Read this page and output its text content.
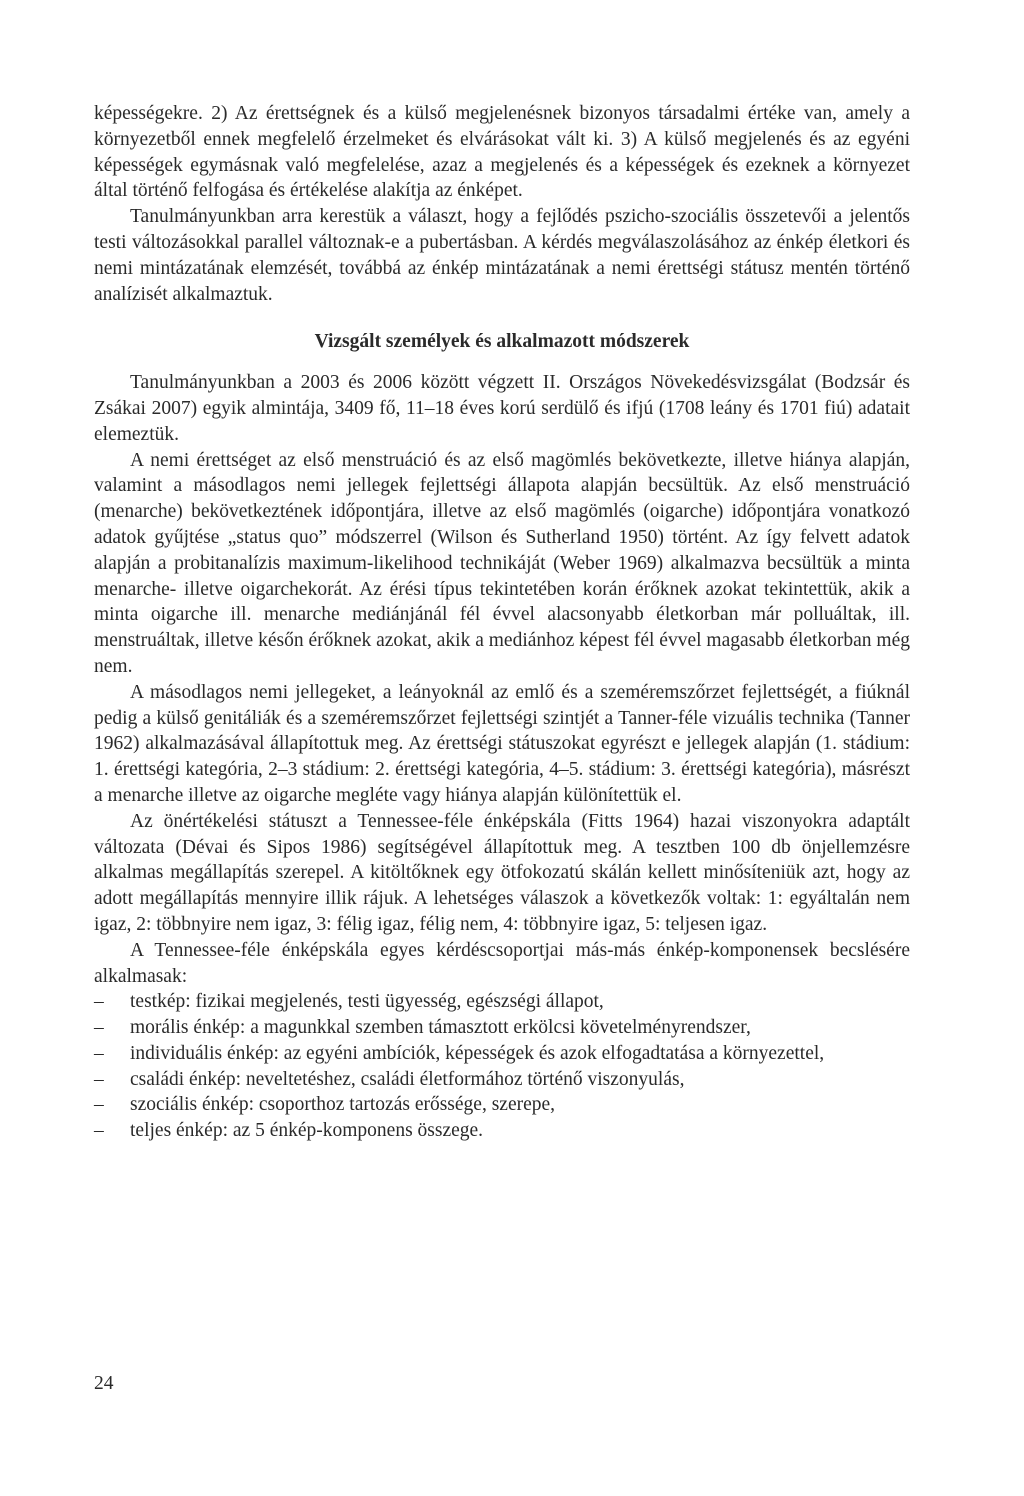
képességekre. 2) Az érettségnek és a külső megjelenésnek bizonyos társadalmi értéke van, amely a környezetből ennek megfelelő érzelmeket és elvárásokat vált ki. 3) A külső megjelenés és az egyéni képességek egymásnak való megfelelése, azaz a megjelenés és a képességek és ezeknek a környezet által történő felfogása és értékelése alakítja az énképet.

Tanulmányunkban arra kerestük a választ, hogy a fejlődés pszicho-szociális összetevői a jelentős testi változásokkal parallel változnak-e a pubertásban. A kérdés megválaszolásához az énkép életkori és nemi mintázatának elemzését, továbbá az énkép mintázatának a nemi érettségi státusz mentén történő analízisét alkalmaztuk.

Vizsgált személyek és alkalmazott módszerek

Tanulmányunkban a 2003 és 2006 között végzett II. Országos Növekedésvizsgálat (Bodzsár és Zsákai 2007) egyik almintája, 3409 fő, 11–18 éves korú serdülő és ifjú (1708 leány és 1701 fiú) adatait elemeztük.

A nemi érettséget az első menstruáció és az első magömlés bekövetkezte, illetve hiánya alapján, valamint a másodlagos nemi jellegek fejlettségi állapota alapján becsültük. Az első menstruáció (menarche) bekövetkeztének időpontjára, illetve az első magömlés (oigarche) időpontjára vonatkozó adatok gyűjtése „status quo” módszerrel (Wilson és Sutherland 1950) történt. Az így felvett adatok alapján a probitanalízis maximum-likelihood technikáját (Weber 1969) alkalmazva becsültük a minta menarche- illetve oigarchekorát. Az érési típus tekintetében korán érőknek azokat tekintettük, akik a minta oigarche ill. menarche mediánjánál fél évvel alacsonyabb életkorban már polluáltak, ill. menstruáltak, illetve későn érőknek azokat, akik a mediánhoz képest fél évvel magasabb életkorban még nem.

A másodlagos nemi jellegeket, a leányoknál az emlő és a szeméremszőrzet fejlettségét, a fiúknál pedig a külső genitáliák és a szeméremszőrzet fejlettségi szintjét a Tanner-féle vizuális technika (Tanner 1962) alkalmazásával állapítottuk meg. Az érettségi státuszokat egyrészt e jellegek alapján (1. stádium: 1. érettségi kategória, 2–3 stádium: 2. érettségi kategória, 4–5. stádium: 3. érettségi kategória), másrészt a menarche illetve az oigarche megléte vagy hiánya alapján különítettük el.

Az önértékelési státuszt a Tennessee-féle énképskála (Fitts 1964) hazai viszonyokra adaptált változata (Dévai és Sipos 1986) segítségével állapítottuk meg. A tesztben 100 db önjellemzésre alkalmas megállapítás szerepel. A kitöltőknek egy ötfokozatú skálán kellett minősíteniük azt, hogy az adott megállapítás mennyire illik rájuk. A lehetséges válaszok a következők voltak: 1: egyáltalán nem igaz, 2: többnyire nem igaz, 3: félig igaz, félig nem, 4: többnyire igaz, 5: teljesen igaz.

A Tennessee-féle énképskála egyes kérdéscsoportjai más-más énkép-komponensek becslésére alkalmasak:

–	testkép: fizikai megjelenés, testi ügyesség, egészségi állapot,
–	morális énkép: a magunkkal szemben támasztott erkölcsi követelményrendszer,
–	individuális énkép: az egyéni ambíciók, képességek és azok elfogadtatása a környezettel,
–	családi énkép: neveltetéshez, családi életformához történő viszonyulás,
–	szociális énkép: csoporthoz tartozás erőssége, szerepe,
–	teljes énkép: az 5 énkép-komponens összege.
24
